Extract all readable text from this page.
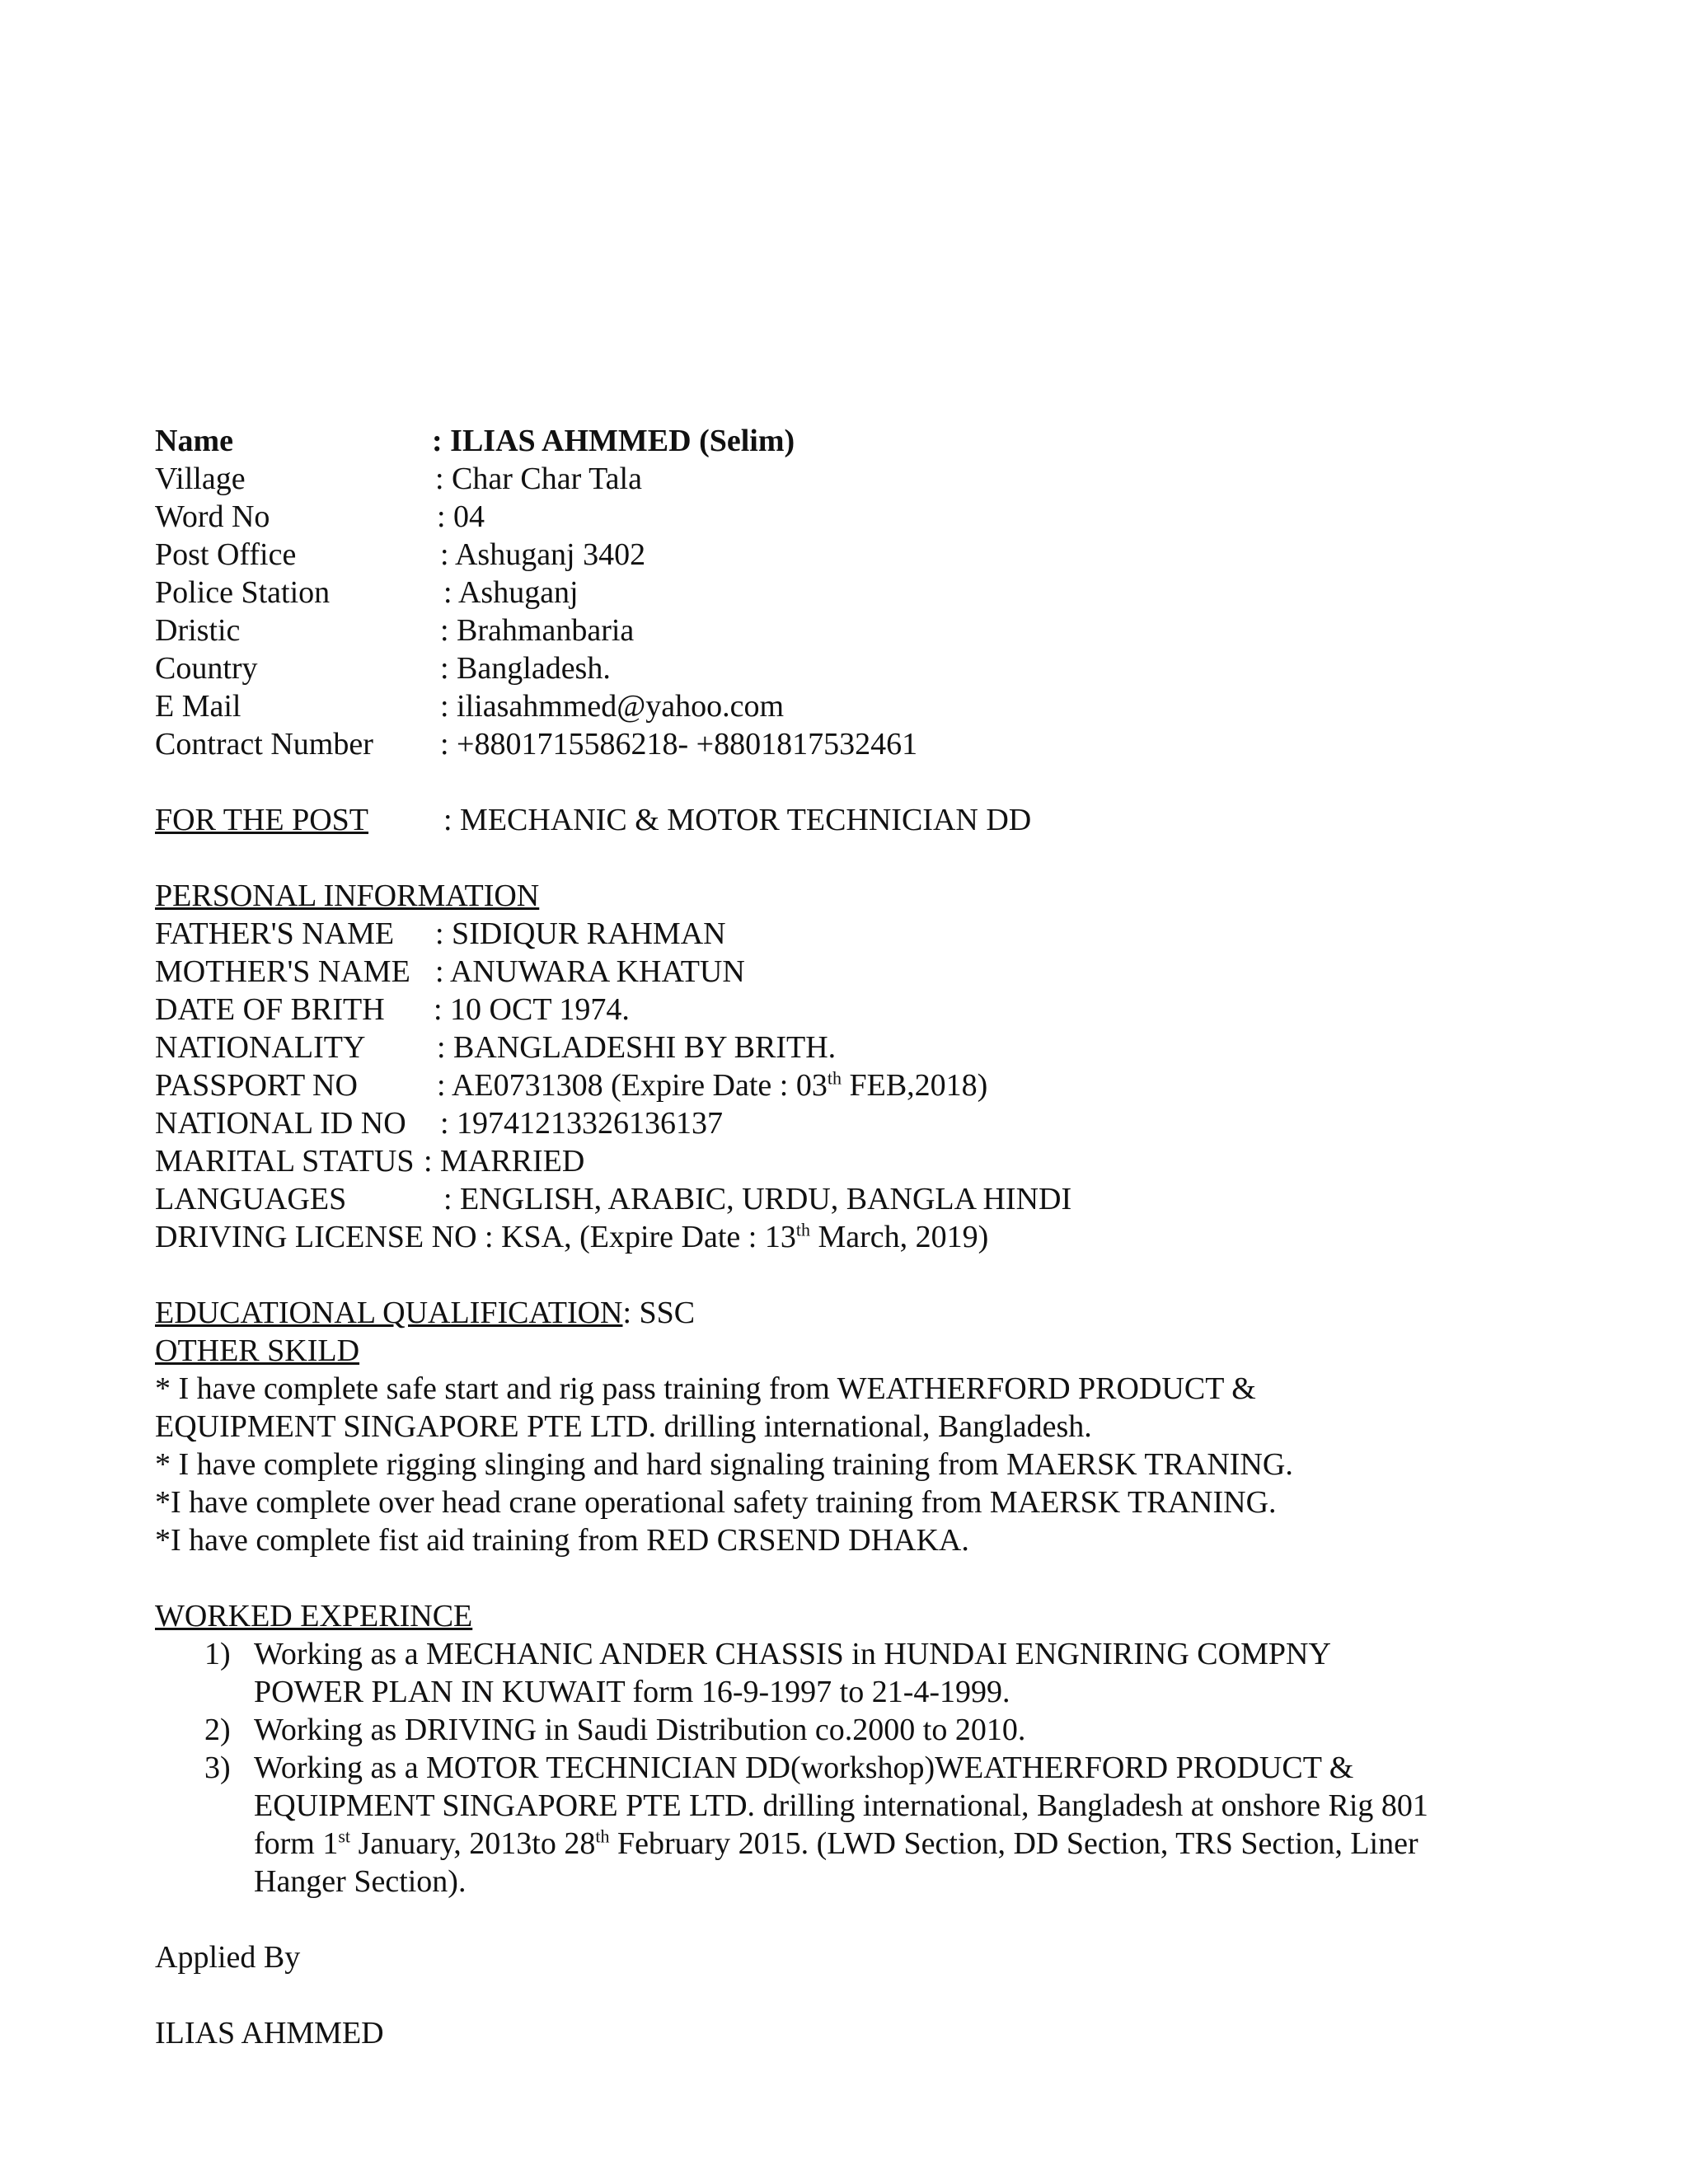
Name	: ILIAS AHMMED (Selim)
Village	: Char Char Tala
Word No	: 04
Post Office	: Ashuganj 3402
Police Station	: Ashuganj
Dristic	: Brahmanbaria
Country	: Bangladesh.
E Mail	: iliasahmmed@yahoo.com
Contract Number : +8801715586218- +8801817532461
FOR THE POST : MECHANIC & MOTOR TECHNICIAN DD
PERSONAL INFORMATION
FATHER'S NAME : SIDIQUR RAHMAN
MOTHER'S NAME : ANUWARA KHATUN
DATE OF BRITH : 10 OCT 1974.
NATIONALITY : BANGLADESHI BY BRITH.
PASSPORT NO	: AE0731308 (Expire Date : 03th FEB,2018)
NATIONAL ID NO : 19741213326136137
MARITAL STATUS : MARRIED
LANGUAGES	: ENGLISH, ARABIC, URDU, BANGLA HINDI
DRIVING LICENSE NO : KSA, (Expire Date : 13th March, 2019)
EDUCATIONAL QUALIFICATION: SSC
OTHER SKILD
* I have complete safe start and rig pass training from WEATHERFORD PRODUCT &
EQUIPMENT SINGAPORE PTE LTD. drilling international, Bangladesh.
* I have complete rigging slinging and hard signaling training from MAERSK TRANING.
*I have complete over head crane operational safety training from MAERSK TRANING.
*I have complete fist aid training from RED CRSEND DHAKA.
WORKED EXPERINCE
1) Working as a MECHANIC ANDER CHASSIS in HUNDAI ENGNIRING COMPNY
POWER PLAN IN KUWAIT form 16-9-1997 to 21-4-1999.
2) Working as DRIVING in Saudi Distribution co.2000 to 2010.
3) Working as a MOTOR TECHNICIAN DD(workshop)WEATHERFORD PRODUCT &
EQUIPMENT SINGAPORE PTE LTD. drilling international, Bangladesh at onshore Rig 801
form 1st January, 2013to 28th February 2015. (LWD Section, DD Section, TRS Section, Liner
Hanger Section).
Applied By
ILIAS AHMMED
